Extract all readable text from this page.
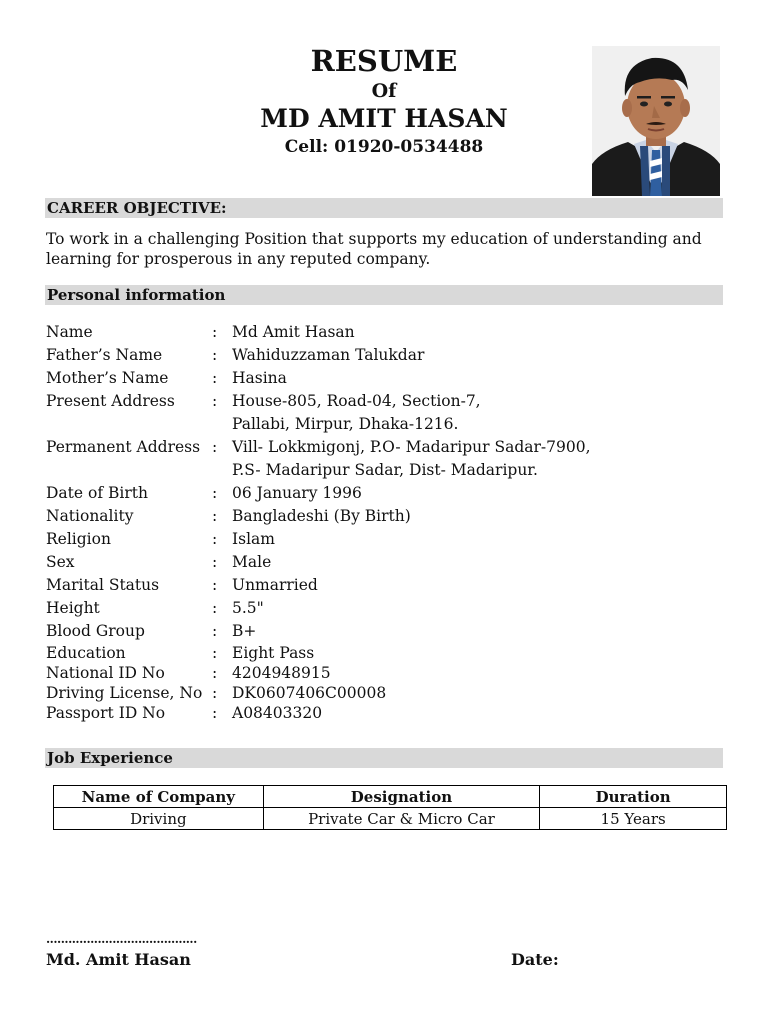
RESUME
Of
MD AMIT HASAN
Cell: 01920-0534488
CAREER OBJECTIVE:
To work in a challenging Position that supports my education of understanding and learning for prosperous in any reputed company.
Personal information
Name	: Md Amit Hasan
Father’s Name	: Wahiduzzaman Talukdar
Mother’s Name	: Hasina
Present Address : House-805, Road-04, Section-7,
Pallabi, Mirpur, Dhaka-1216.
Permanent Address : Vill- Lokkmigonj, P.O- Madaripur Sadar-7900,
P.S- Madaripur Sadar, Dist- Madaripur.
Date of Birth	: 06 January 1996
Nationality	: Bangladeshi (By Birth)
Religion	: Islam
Sex	: Male
Marital Status	: Unmarried
Height	: 5.5"
Blood Group	: B+
Education	: Eight Pass
National ID No	: 4204948915
Driving License, No : DK0607406C00008
Passport ID No	: A08403320
Job Experience
Name of Company	Designation	Duration
Driving	Private Car & Micro Car	15 Years
.........................................
Md. Amit Hasan	Date:
